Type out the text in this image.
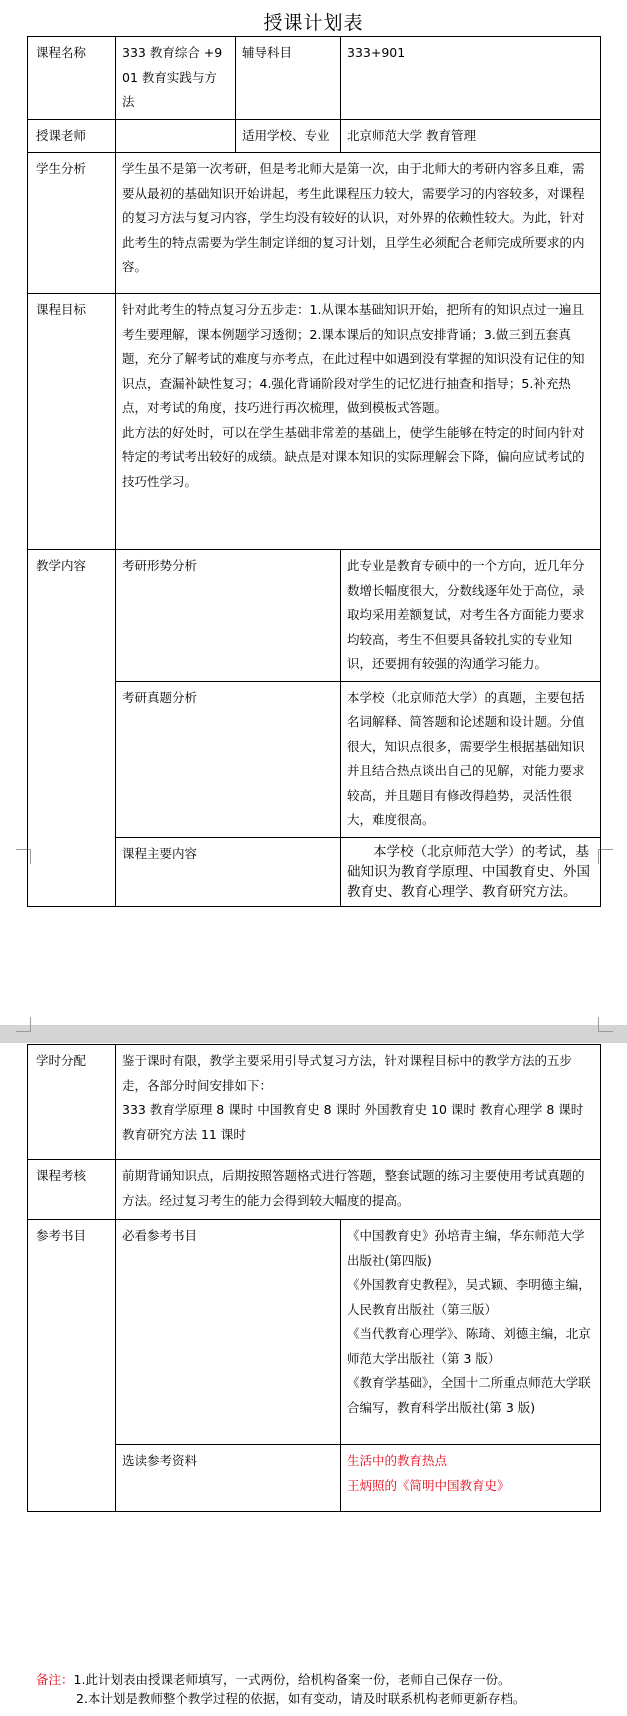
授课计划表
课程名称	333 教育综合 +901 教育实践与方法	辅导科目	333+901
授课老师		适用学校、专业	北京师范大学 教育管理
学生分析	学生虽不是第一次考研，但是考北师大是第一次，由于北师大的考研内容多且难，需要从最初的基础知识开始讲起，考生此课程压力较大，需要学习的内容较多，对课程的复习方法与复习内容，学生均没有较好的认识，对外界的依赖性较大。为此，针对此考生的特点需要为学生制定详细的复习计划，且学生必须配合老师完成所要求的内容。		
课程目标	针对此考生的特点复习分五步走：1.从课本基础知识开始，把所有的知识点过一遍且考生要理解，课本例题学习透彻；2.课本课后的知识点安排背诵；3.做三到五套真题，充分了解考试的难度与亦考点，在此过程中如遇到没有掌握的知识没有记住的知识点，查漏补缺性复习；4.强化背诵阶段对学生的记忆进行抽查和指导；5.补充热点，对考试的角度，技巧进行再次梳理，做到模板式答题。

此方法的好处时，可以在学生基础非常差的基础上，使学生能够在特定的时间内针对特定的考试考出较好的成绩。缺点是对课本知识的实际理解会下降，偏向应试考试的技巧性学习。		

教学内容	考研形势分析		此专业是教育专硕中的一个方向，近几年分数增长幅度很大，分数线逐年处于高位，录取均采用差额复试，对考生各方面能力要求均较高，考生不但要具备较扎实的专业知识，还要拥有较强的沟通学习能力。
	考研真题分析		本学校（北京师范大学）的真题，主要包括名词解释、简答题和论述题和设计题。分值很大，知识点很多，需要学生根据基础知识并且结合热点谈出自己的见解，对能力要求较高，并且题目有修改得趋势，灵活性很大，难度很高。
	课程主要内容		本学校（北京师范大学）的考试，基础知识为教育学原理、中国教育史、外国教育史、教育心理学、教育研究方法。
学时分配	鉴于课时有限，教学主要采用引导式复习方法，针对课程目标中的教学方法的五步走，各部分时间安排如下：

333 教育学原理 8 课时 中国教育史 8 课时 外国教育史 10 课时 教育心理学 8 课时 教育研究方法 11 课时	

课程考核	前期背诵知识点，后期按照答题格式进行答题，整套试题的练习主要使用考试真题的方法。经过复习考生的能力会得到较大幅度的提高。	
参考书目	必看参考书目	《中国教育史》孙培青主编，华东师范大学出版社(第四版)

《外国教育史教程》，吴式颖、李明德主编，人民教育出版社（第三版）

《当代教育心理学》、陈琦、刘德主编，北京师范大学出版社（第 3 版）

《教育学基础》，全国十二所重点师范大学联合编写，教育科学出版社(第 3 版)

	选读参考资料	生活中的教育热点

王炳照的《简明中国教育史》

备注：1.此计划表由授课老师填写，一式两份，给机构备案一份，老师自己保存一份。

2.本计划是教师整个教学过程的依据，如有变动，请及时联系机构老师更新存档。
